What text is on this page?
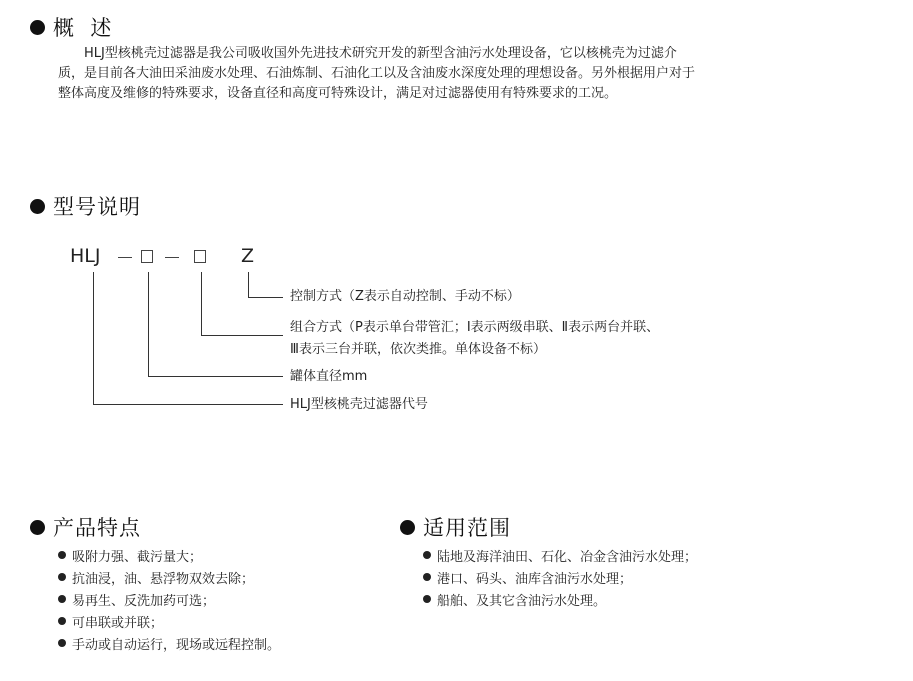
概  述

HLJ型核桃壳过滤器是我公司吸收国外先进技术研究开发的新型含油污水处理设备，它以核桃壳为过滤介

质，是目前各大油田采油废水处理、石油炼制、石油化工以及含油废水深度处理的理想设备。另外根据用户对于

整体高度及维修的特殊要求，设备直径和高度可特殊设计，满足对过滤器使用有特殊要求的工况。

型号说明
HLJ	Z
控制方式（Z表示自动控制、手动不标）
组合方式（P表示单台带管汇；Ⅰ表示两级串联、Ⅱ表示两台并联、
Ⅲ表示三台并联，依次类推。单体设备不标）
罐体直径mm
HLJ型核桃壳过滤器代号
产品特点
吸附力强、截污量大；
抗油浸，油、悬浮物双效去除；
易再生、反洗加药可选；
可串联或并联；
手动或自动运行，现场或远程控制。
适用范围
陆地及海洋油田、石化、冶金含油污水处理；
港口、码头、油库含油污水处理；
船舶、及其它含油污水处理。
